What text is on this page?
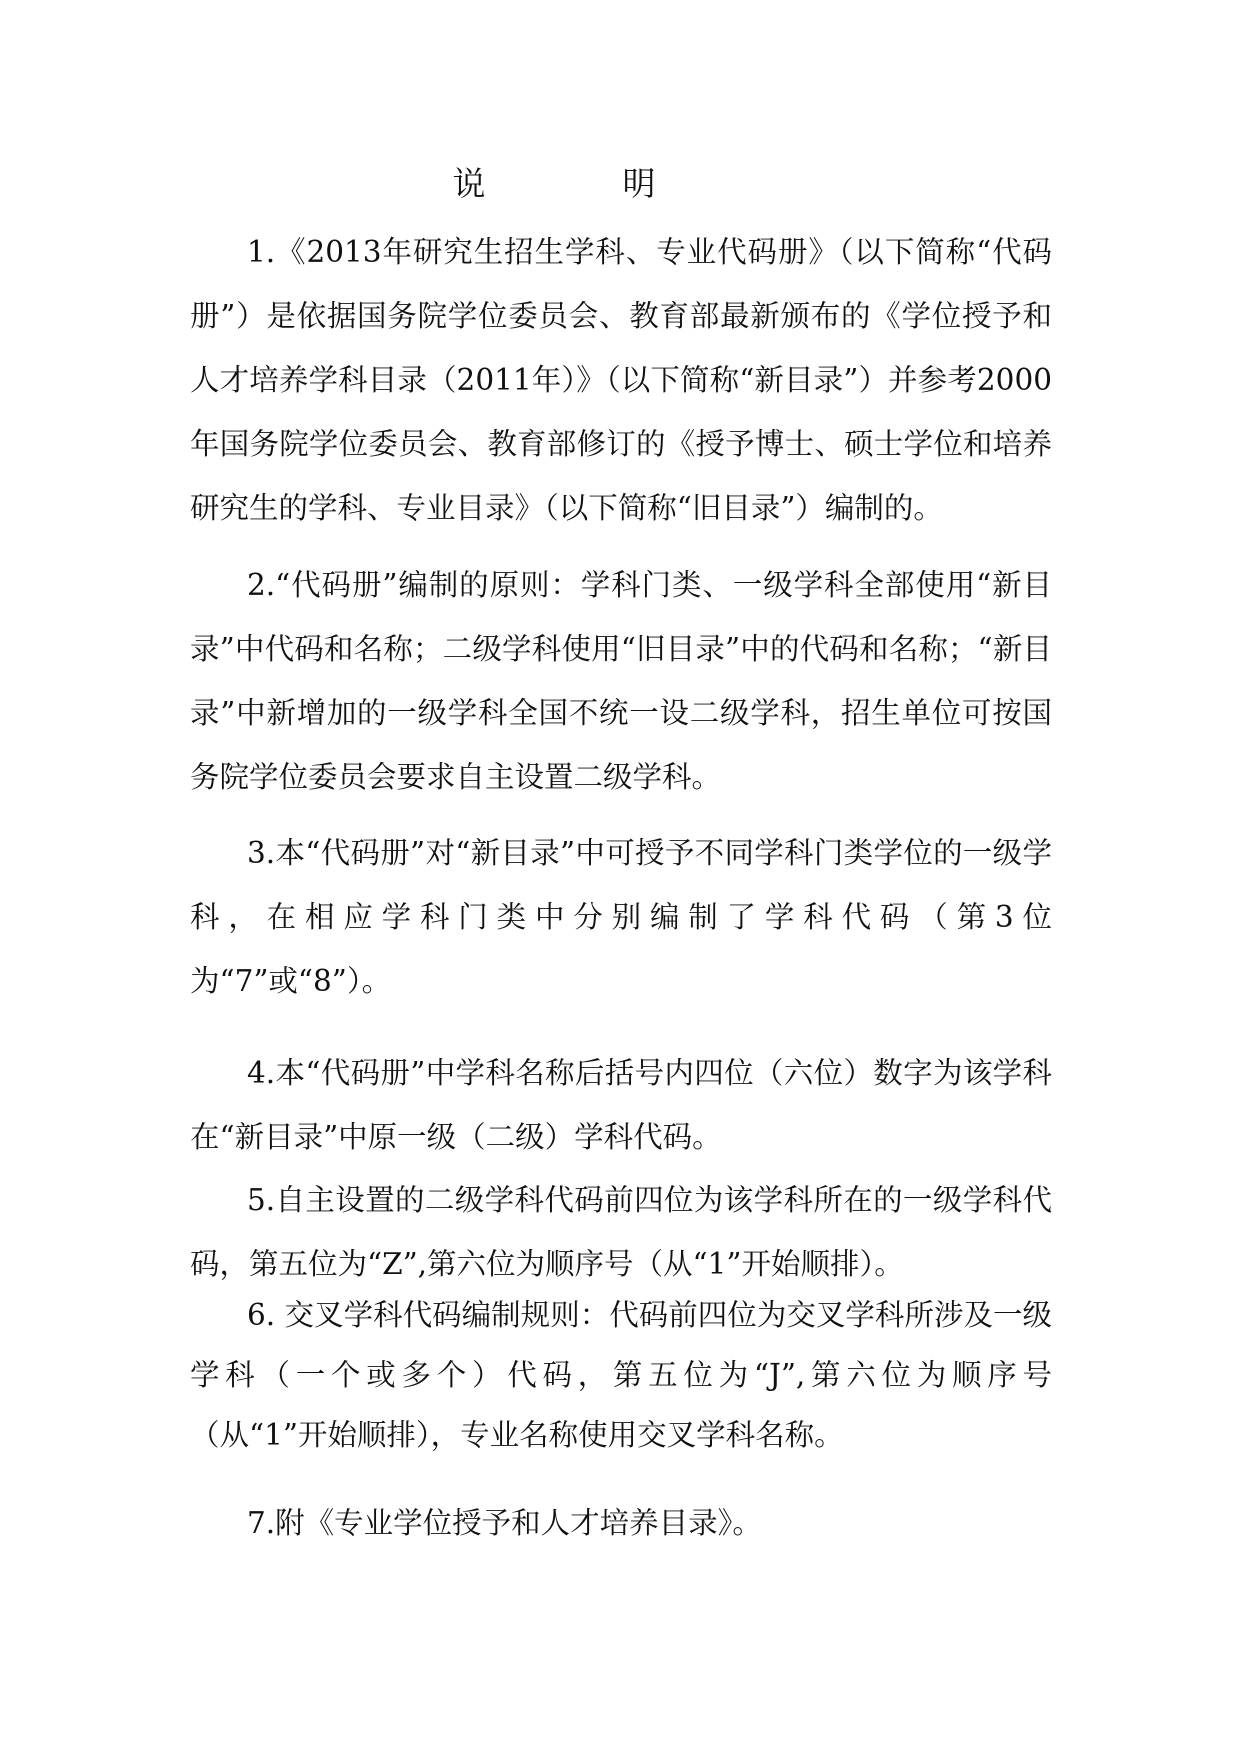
说　明

1.《2013年研究生招生学科、专业代码册》（以下简称“代码册”）是依据国务院学位委员会、教育部最新颁布的《学位授予和人才培养学科目录（2011年）》（以下简称“新目录”）并参考2000年国务院学位委员会、教育部修订的《授予博士、硕士学位和培养研究生的学科、专业目录》（以下简称“旧目录”）编制的。

2.“代码册”编制的原则：学科门类、一级学科全部使用“新目录”中代码和名称；二级学科使用“旧目录”中的代码和名称；“新目录”中新增加的一级学科全国不统一设二级学科，招生单位可按国务院学位委员会要求自主设置二级学科。

3.本“代码册”对“新目录”中可授予不同学科门类学位的一级学科，在相应学科门类中分别编制了学科代码（第3位为“7”或“8”）。

4.本“代码册”中学科名称后括号内四位（六位）数字为该学科在“新目录”中原一级（二级）学科代码。

5.自主设置的二级学科代码前四位为该学科所在的一级学科代码，第五位为“Z”,第六位为顺序号（从“1”开始顺排）。

6. 交叉学科代码编制规则：代码前四位为交叉学科所涉及一级学科（一个或多个）代码，第五位为“J”,第六位为顺序号（从“1”开始顺排），专业名称使用交叉学科名称。

7.附《专业学位授予和人才培养目录》。
